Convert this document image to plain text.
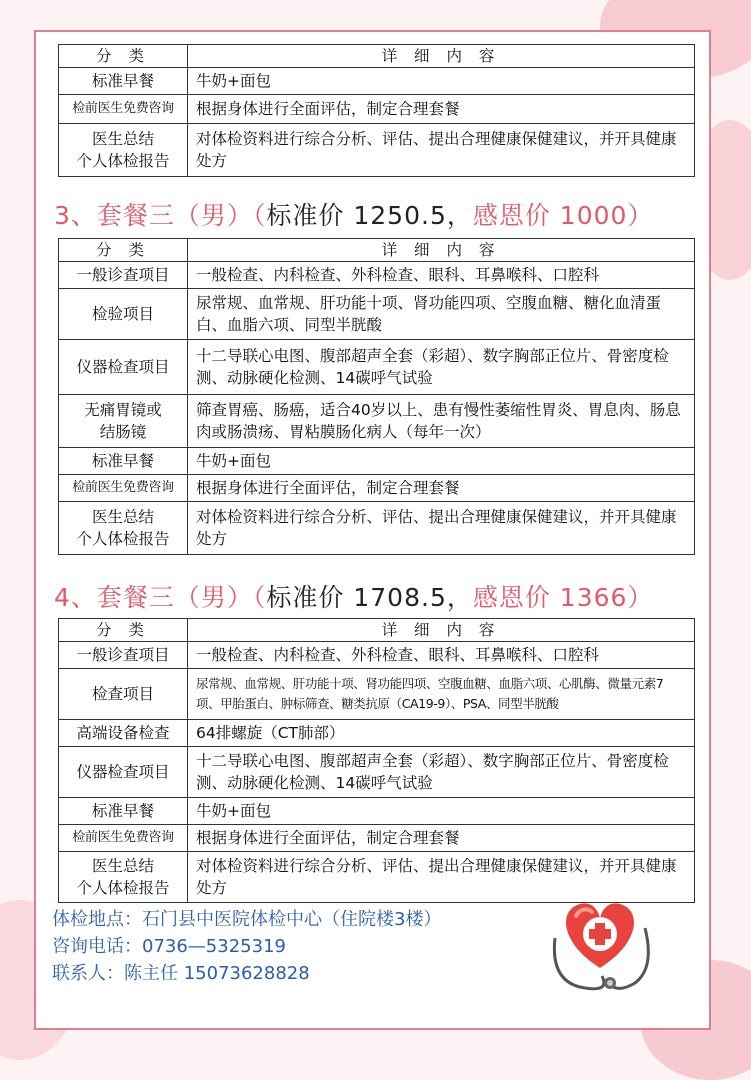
分 类	详 细 内 容
标准早餐	牛奶+面包
检前医生免费咨询	根据身体进行全面评估，制定合理套餐
医生总结
个人体检报告	对体检资料进行综合分析、评估、提出合理健康保健建议，并开具健康处方
3、套餐三（男）（标准价 1250.5，感恩价 1000）
分 类	详 细 内 容
一般诊查项目	一般检查、内科检查、外科检查、眼科、耳鼻喉科、口腔科
检验项目	尿常规、血常规、肝功能十项、肾功能四项、空腹血糖、糖化血清蛋白、血脂六项、同型半胱酸
仪器检查项目	十二导联心电图、腹部超声全套（彩超）、数字胸部正位片、骨密度检测、动脉硬化检测、14碳呼气试验
无痛胃镜或
结肠镜	筛查胃癌、肠癌，适合40岁以上、患有慢性萎缩性胃炎、胃息肉、肠息肉或肠溃疡、胃粘膜肠化病人（每年一次）
标准早餐	牛奶+面包
检前医生免费咨询	根据身体进行全面评估，制定合理套餐
医生总结
个人体检报告	对体检资料进行综合分析、评估、提出合理健康保健建议，并开具健康处方
4、套餐三（男）（标准价 1708.5，感恩价 1366）
分 类	详 细 内 容
一般诊查项目	一般检查、内科检查、外科检查、眼科、耳鼻喉科、口腔科
检查项目	尿常规、血常规、肝功能十项、肾功能四项、空腹血糖、血脂六项、心肌酶、微量元素7项、甲胎蛋白、肿标筛查、糖类抗原（CA19-9）、PSA、同型半胱酸
高端设备检查	64排螺旋（CT肺部）
仪器检查项目	十二导联心电图、腹部超声全套（彩超）、数字胸部正位片、骨密度检测、动脉硬化检测、14碳呼气试验
标准早餐	牛奶+面包
检前医生免费咨询	根据身体进行全面评估，制定合理套餐
医生总结
个人体检报告	对体检资料进行综合分析、评估、提出合理健康保健建议，并开具健康处方
体检地点：石门县中医院体检中心（住院楼3楼）
咨询电话：0736—5325319
联系人：陈主任 15073628828
